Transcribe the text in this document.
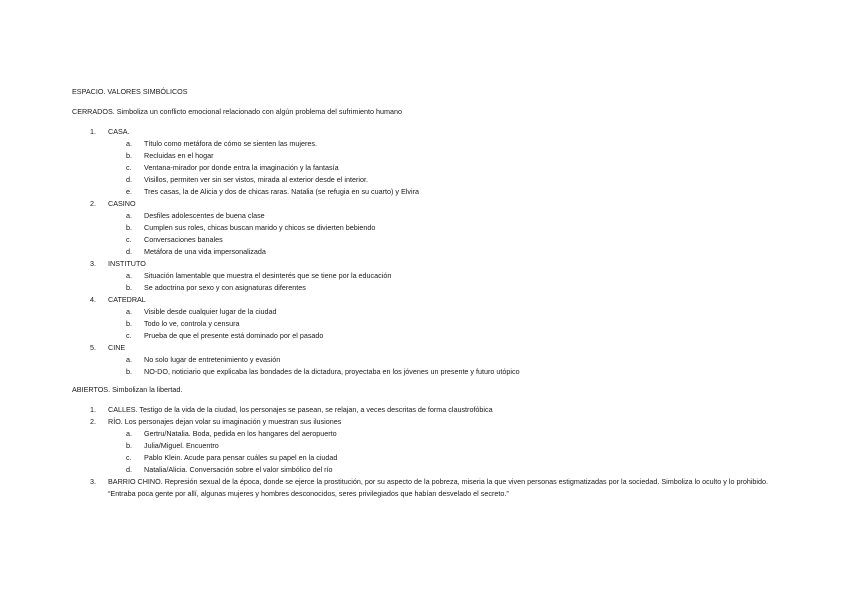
ESPACIO. VALORES SIMBÓLICOS
CERRADOS. Simboliza un conflicto emocional relacionado con algún problema del sufrimiento humano
1. CASA.
a. Título como metáfora de cómo se sienten las mujeres.
b. Recluidas en el hogar
c. Ventana-mirador por donde entra la imaginación y la fantasía
d. Visillos, permiten ver sin ser vistos, mirada al exterior desde el interior.
e. Tres casas, la de Alicia y dos de chicas raras. Natalia (se refugia en su cuarto) y Elvira
2. CASINO
a. Desfiles adolescentes de buena clase
b. Cumplen sus roles, chicas buscan marido y chicos se divierten bebiendo
c. Conversaciones banales
d. Metáfora de una vida impersonalizada
3. INSTITUTO
a. Situación lamentable que muestra el desinterés que se tiene por la educación
b. Se adoctrina por sexo y con asignaturas diferentes
4. CATEDRAL
a. Visible desde cualquier lugar de la ciudad
b. Todo lo ve, controla y censura
c. Prueba de que el presente está dominado por el pasado
5. CINE
a. No solo lugar de entretenimiento y evasión
b. NO-DO, noticiario que explicaba las bondades de la dictadura, proyectaba en los jóvenes un presente y futuro utópico
ABIERTOS. Simbolizan la libertad.
1. CALLES. Testigo de la vida de la ciudad, los personajes se pasean, se relajan, a veces descritas de forma claustrofóbica
2. RÍO. Los personajes dejan volar su imaginación y muestran sus ilusiones
a. Gertru/Natalia. Boda, pedida en los hangares del aeropuerto
b. Julia/Miguel. Encuentro
c. Pablo Klein. Acude para pensar cuáles su papel en la ciudad
d. Natalia/Alicia. Conversación sobre el valor simbólico del río
3. BARRIO CHINO. Represión sexual de la época, donde se ejerce la prostitución, por su aspecto de la pobreza, miseria la que viven personas estigmatizadas por la sociedad. Simboliza lo oculto y lo prohibido. “Entraba poca gente por allí, algunas mujeres y hombres desconocidos, seres privilegiados que habían desvelado el secreto.”
